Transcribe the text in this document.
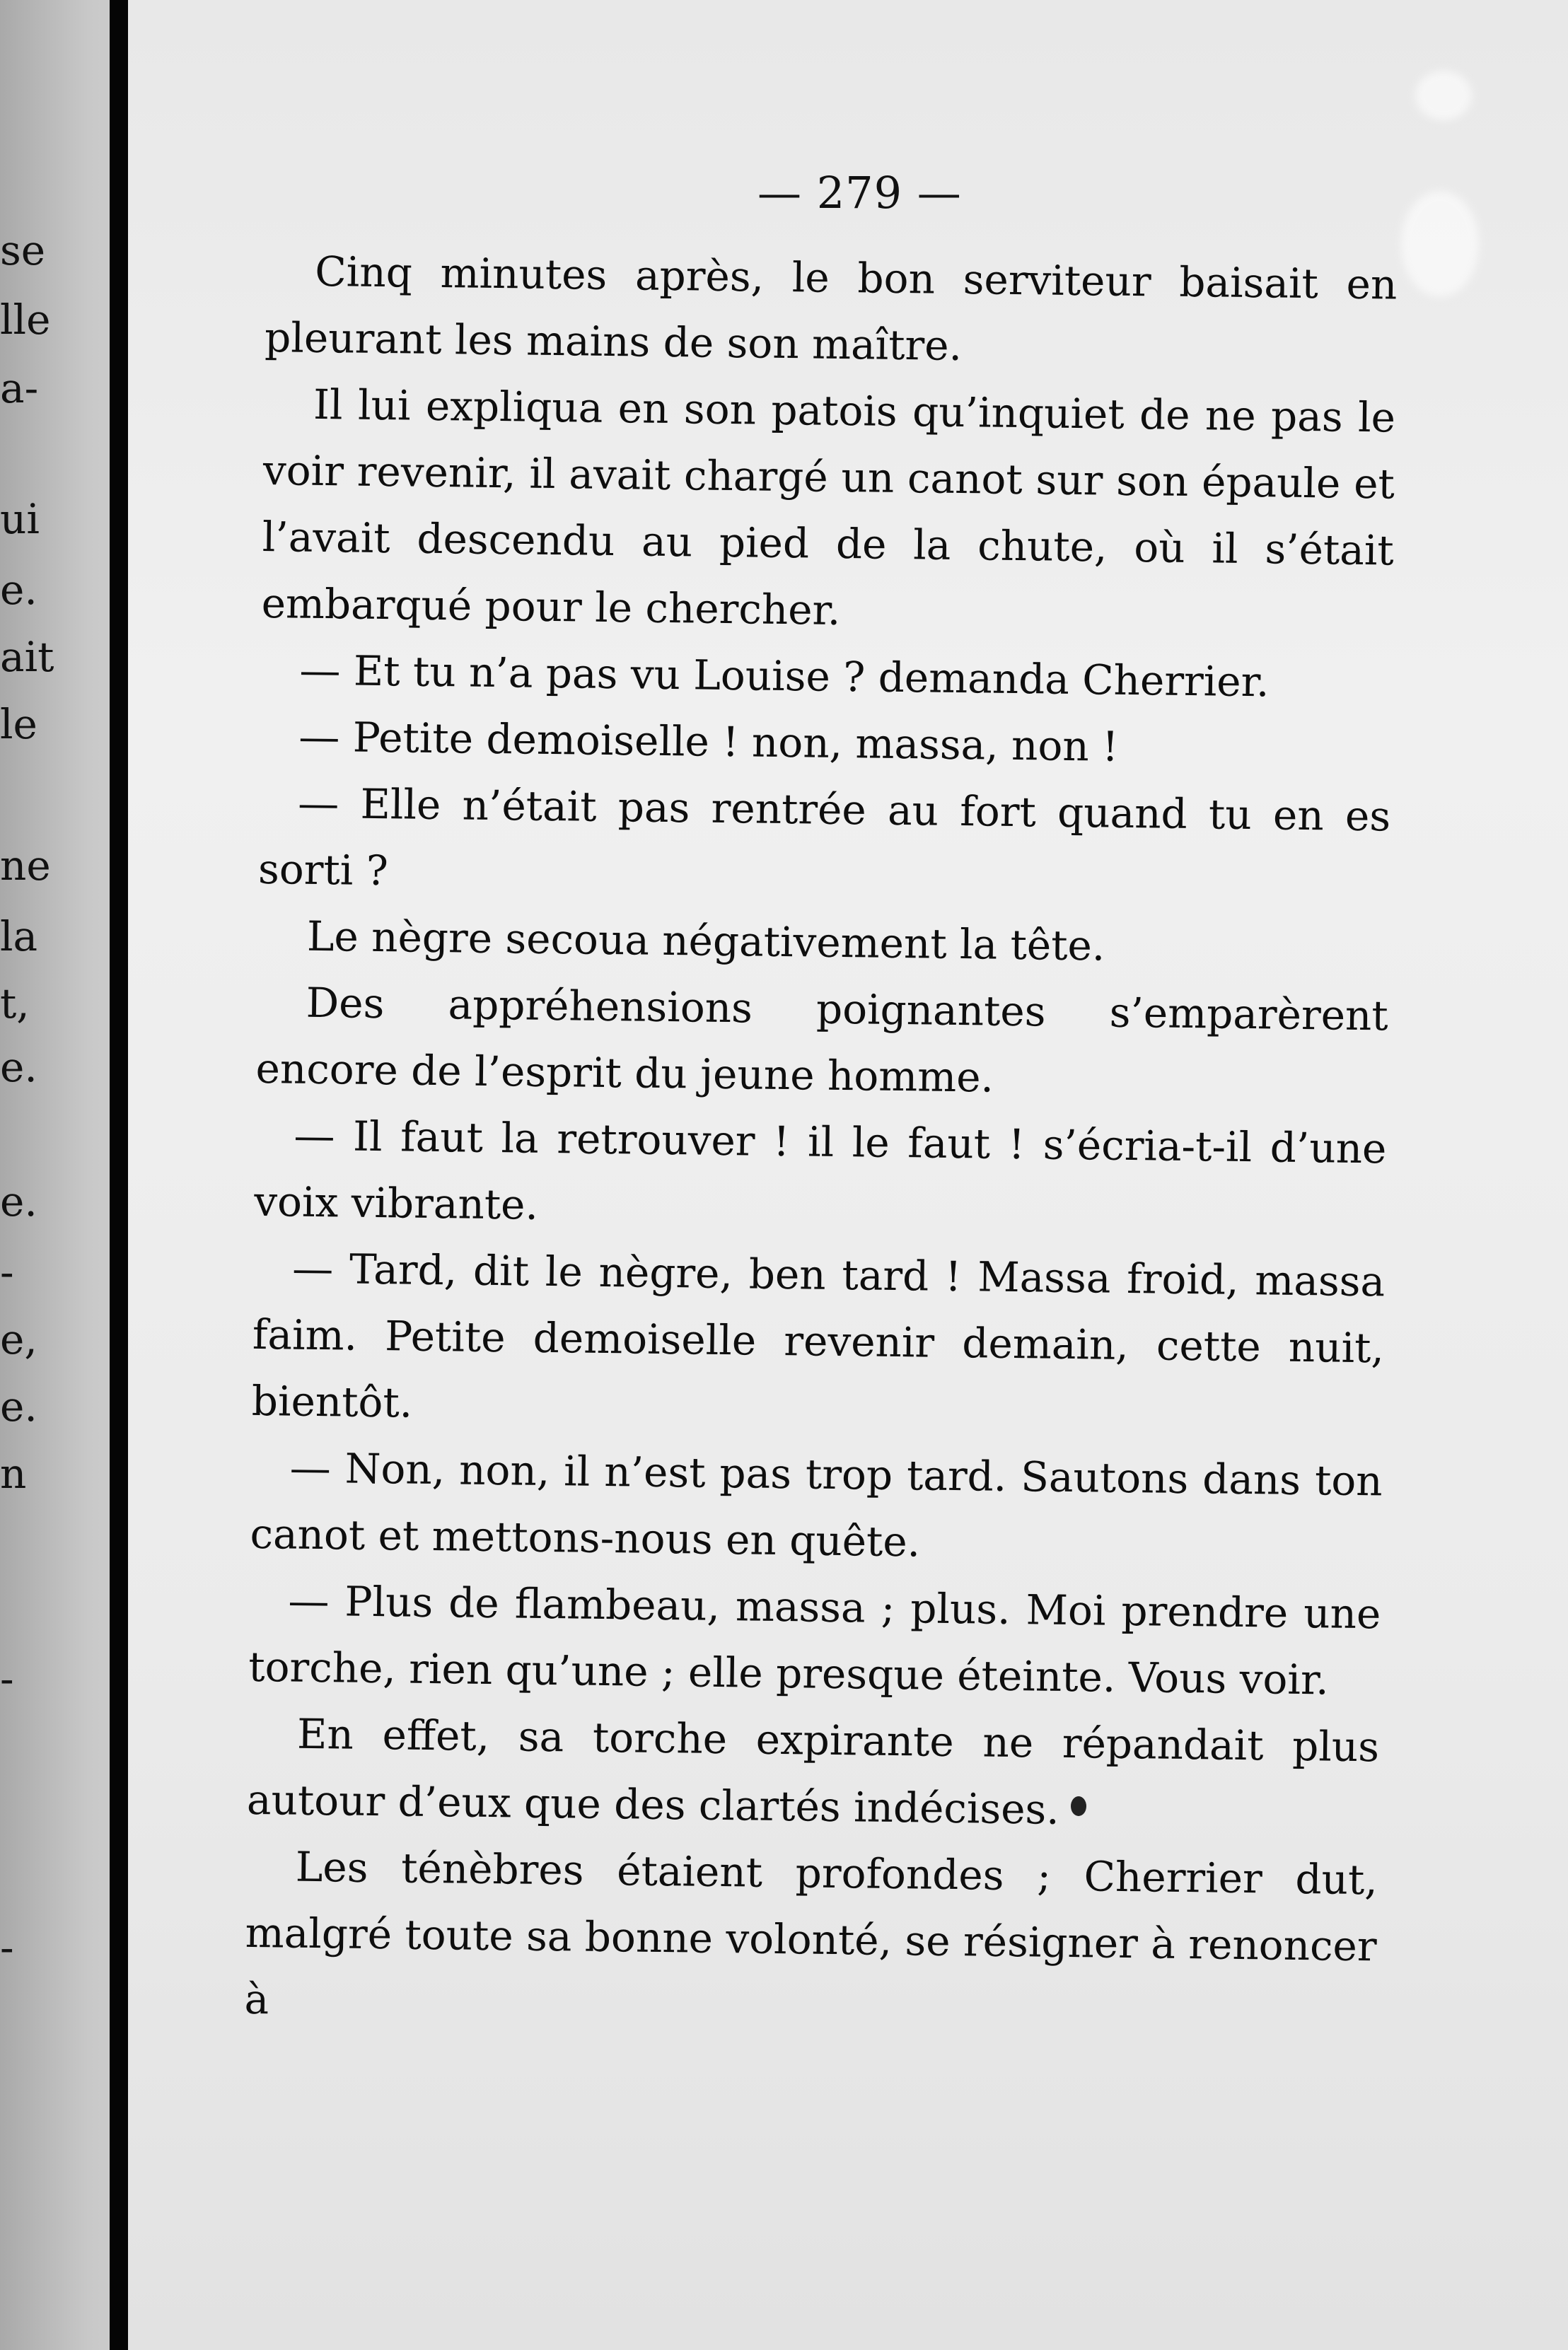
se
lle
a-
ui
e.
ait
le
ne
la
t,
e.
e.
-
e,
e.
n
-
-
— 279 —

Cinq minutes après, le bon serviteur baisait en pleurant les mains de son maître.

Il lui expliqua en son patois qu’inquiet de ne pas le voir revenir, il avait chargé un canot sur son épaule et l’avait descendu au pied de la chute, où il s’était embarqué pour le chercher.

— Et tu n’a pas vu Louise ? demanda Cherrier.

— Petite demoiselle ! non, massa, non !

— Elle n’était pas rentrée au fort quand tu en es sorti ?

Le nègre secoua négativement la tête.

Des appréhensions poignantes s’emparèrent encore de l’esprit du jeune homme.

— Il faut la retrouver ! il le faut ! s’écria-t-il d’une voix vibrante.

— Tard, dit le nègre, ben tard ! Massa froid, massa faim. Petite demoiselle revenir demain, cette nuit, bientôt.

— Non, non, il n’est pas trop tard. Sautons dans ton canot et mettons-nous en quête.

— Plus de flambeau, massa ; plus. Moi prendre une torche, rien qu’une ; elle presque éteinte. Vous voir.

En effet, sa torche expirante ne répandait plus autour d’eux que des clartés indécises.

Les ténèbres étaient profondes ; Cherrier dut, malgré toute sa bonne volonté, se résigner à renoncer à
